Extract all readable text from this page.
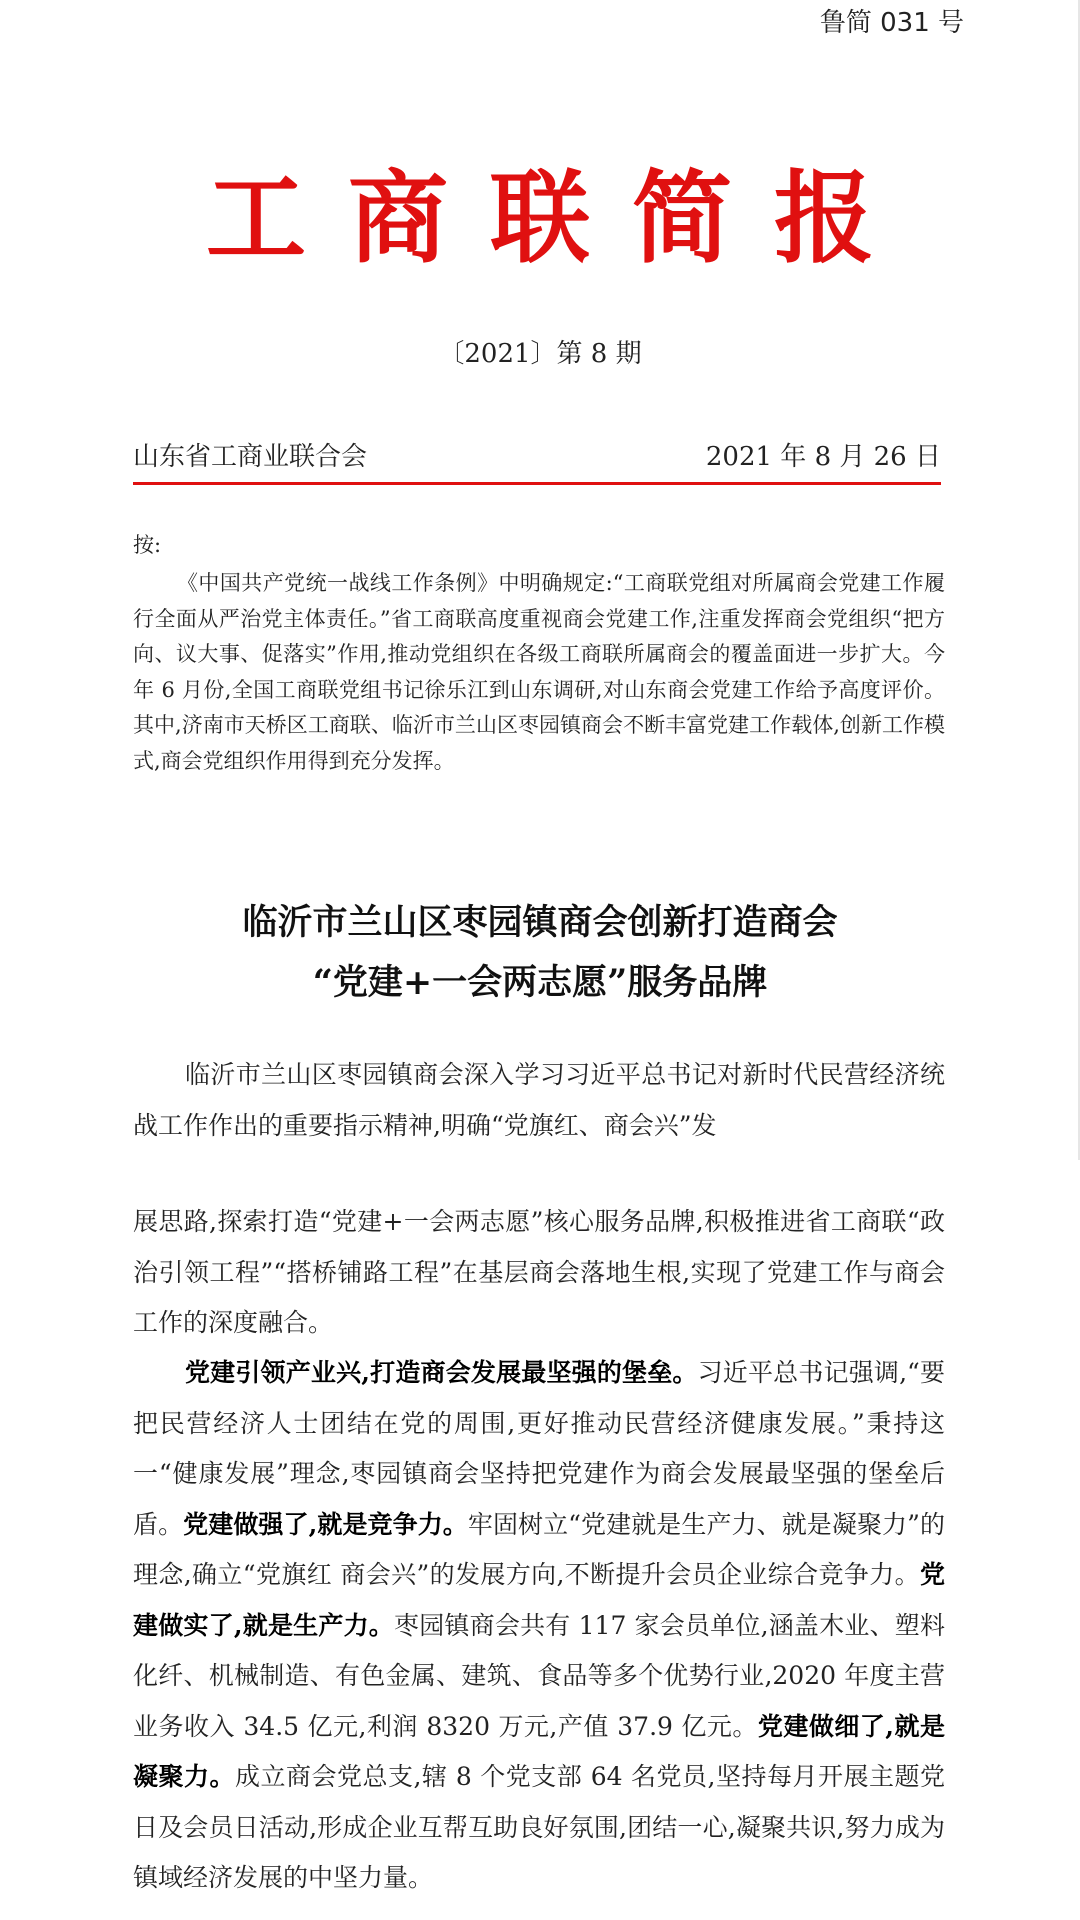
鲁简 031 号
工商联简报
〔2021〕第 8 期
山东省工商业联合会	2021 年 8 月 26 日
按:

《中国共产党统一战线工作条例》中明确规定:“工商联党组对所属商会党建工作履行全面从严治党主体责任。”省工商联高度重视商会党建工作,注重发挥商会党组织“把方向、议大事、促落实”作用,推动党组织在各级工商联所属商会的覆盖面进一步扩大。今年 6 月份,全国工商联党组书记徐乐江到山东调研,对山东商会党建工作给予高度评价。其中,济南市天桥区工商联、临沂市兰山区枣园镇商会不断丰富党建工作载体,创新工作模式,商会党组织作用得到充分发挥。

临沂市兰山区枣园镇商会创新打造商会
“党建+一会两志愿”服务品牌

临沂市兰山区枣园镇商会深入学习习近平总书记对新时代民营经济统战工作作出的重要指示精神,明确“党旗红、商会兴”发

展思路,探索打造“党建+一会两志愿”核心服务品牌,积极推进省工商联“政治引领工程”“搭桥铺路工程”在基层商会落地生根,实现了党建工作与商会工作的深度融合。

党建引领产业兴,打造商会发展最坚强的堡垒。习近平总书记强调,“要把民营经济人士团结在党的周围,更好推动民营经济健康发展。”秉持这一“健康发展”理念,枣园镇商会坚持把党建作为商会发展最坚强的堡垒后盾。党建做强了,就是竞争力。牢固树立“党建就是生产力、就是凝聚力”的理念,确立“党旗红 商会兴”的发展方向,不断提升会员企业综合竞争力。党建做实了,就是生产力。枣园镇商会共有 117 家会员单位,涵盖木业、塑料化纤、机械制造、有色金属、建筑、食品等多个优势行业,2020 年度主营业务收入 34.5 亿元,利润 8320 万元,产值 37.9 亿元。党建做细了,就是凝聚力。成立商会党总支,辖 8 个党支部 64 名党员,坚持每月开展主题党日及会员日活动,形成企业互帮互助良好氛围,团结一心,凝聚共识,努力成为镇域经济发展的中坚力量。
